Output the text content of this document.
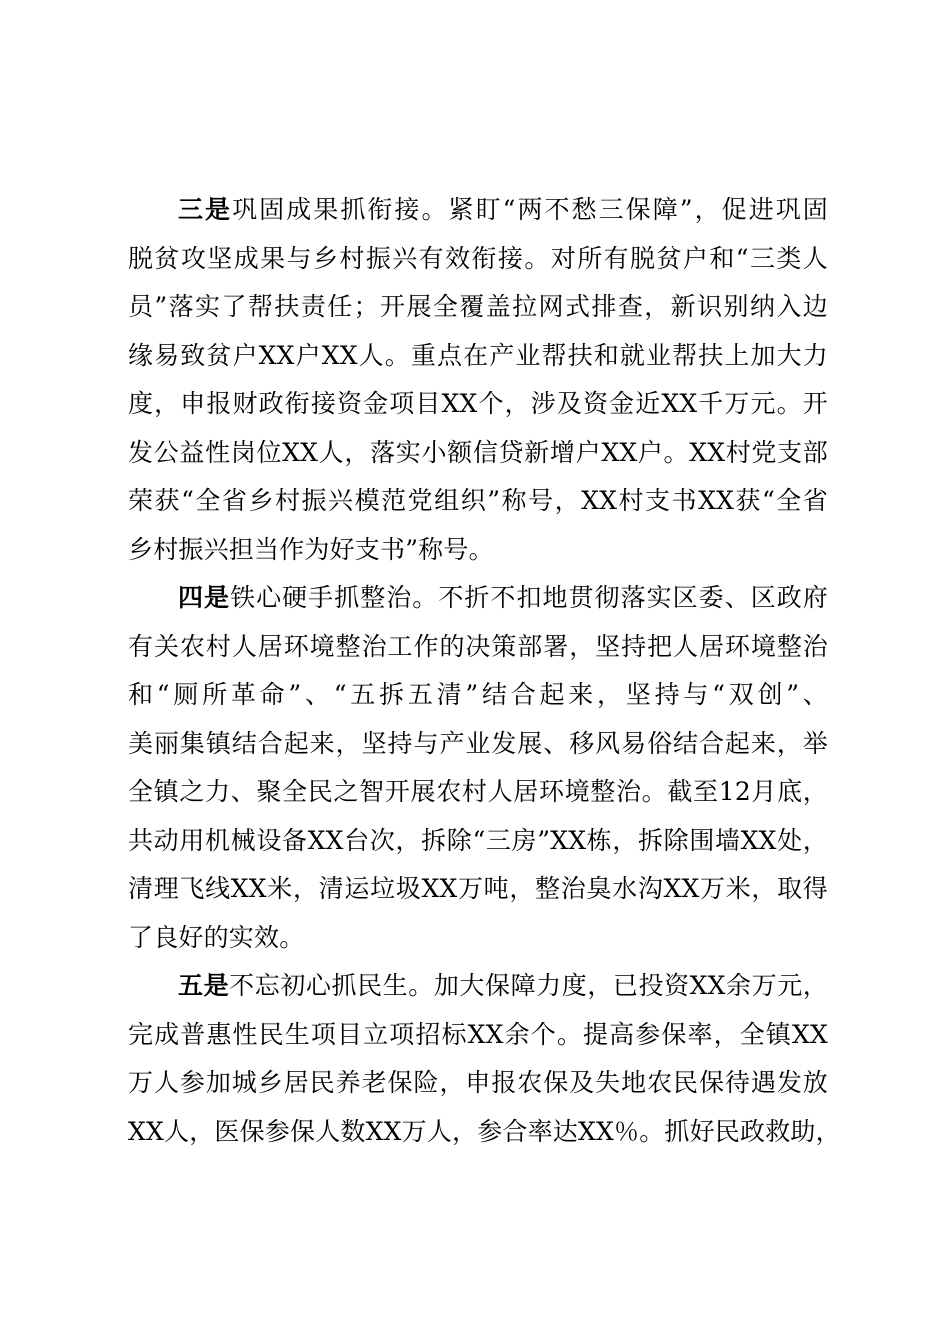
三是巩固成果抓衔接。紧盯“两不愁三保障”，促进巩固
脱贫攻坚成果与乡村振兴有效衔接。对所有脱贫户和“三类人
员”落实了帮扶责任；开展全覆盖拉网式排查，新识别纳入边
缘易致贫户XX户XX人。重点在产业帮扶和就业帮扶上加大力
度，申报财政衔接资金项目XX个，涉及资金近XX千万元。开
发公益性岗位XX人，落实小额信贷新增户XX户。XX村党支部
荣获“全省乡村振兴模范党组织”称号，XX村支书XX获“全省
乡村振兴担当作为好支书”称号。
四是铁心硬手抓整治。不折不扣地贯彻落实区委、区政府
有关农村人居环境整治工作的决策部署，坚持把人居环境整治
和“厕所革命”、“五拆五清”结合起来，坚持与“双创”、
美丽集镇结合起来，坚持与产业发展、移风易俗结合起来，举
全镇之力、聚全民之智开展农村人居环境整治。截至12月底，
共动用机械设备XX台次，拆除“三房”XX栋，拆除围墙XX处，
清理飞线XX米，清运垃圾XX万吨，整治臭水沟XX万米，取得
了良好的实效。
五是不忘初心抓民生。加大保障力度，已投资XX余万元，
完成普惠性民生项目立项招标XX余个。提高参保率，全镇XX
万人参加城乡居民养老保险，申报农保及失地农民保待遇发放
XX人，医保参保人数XX万人，参合率达XX％。抓好民政救助，
